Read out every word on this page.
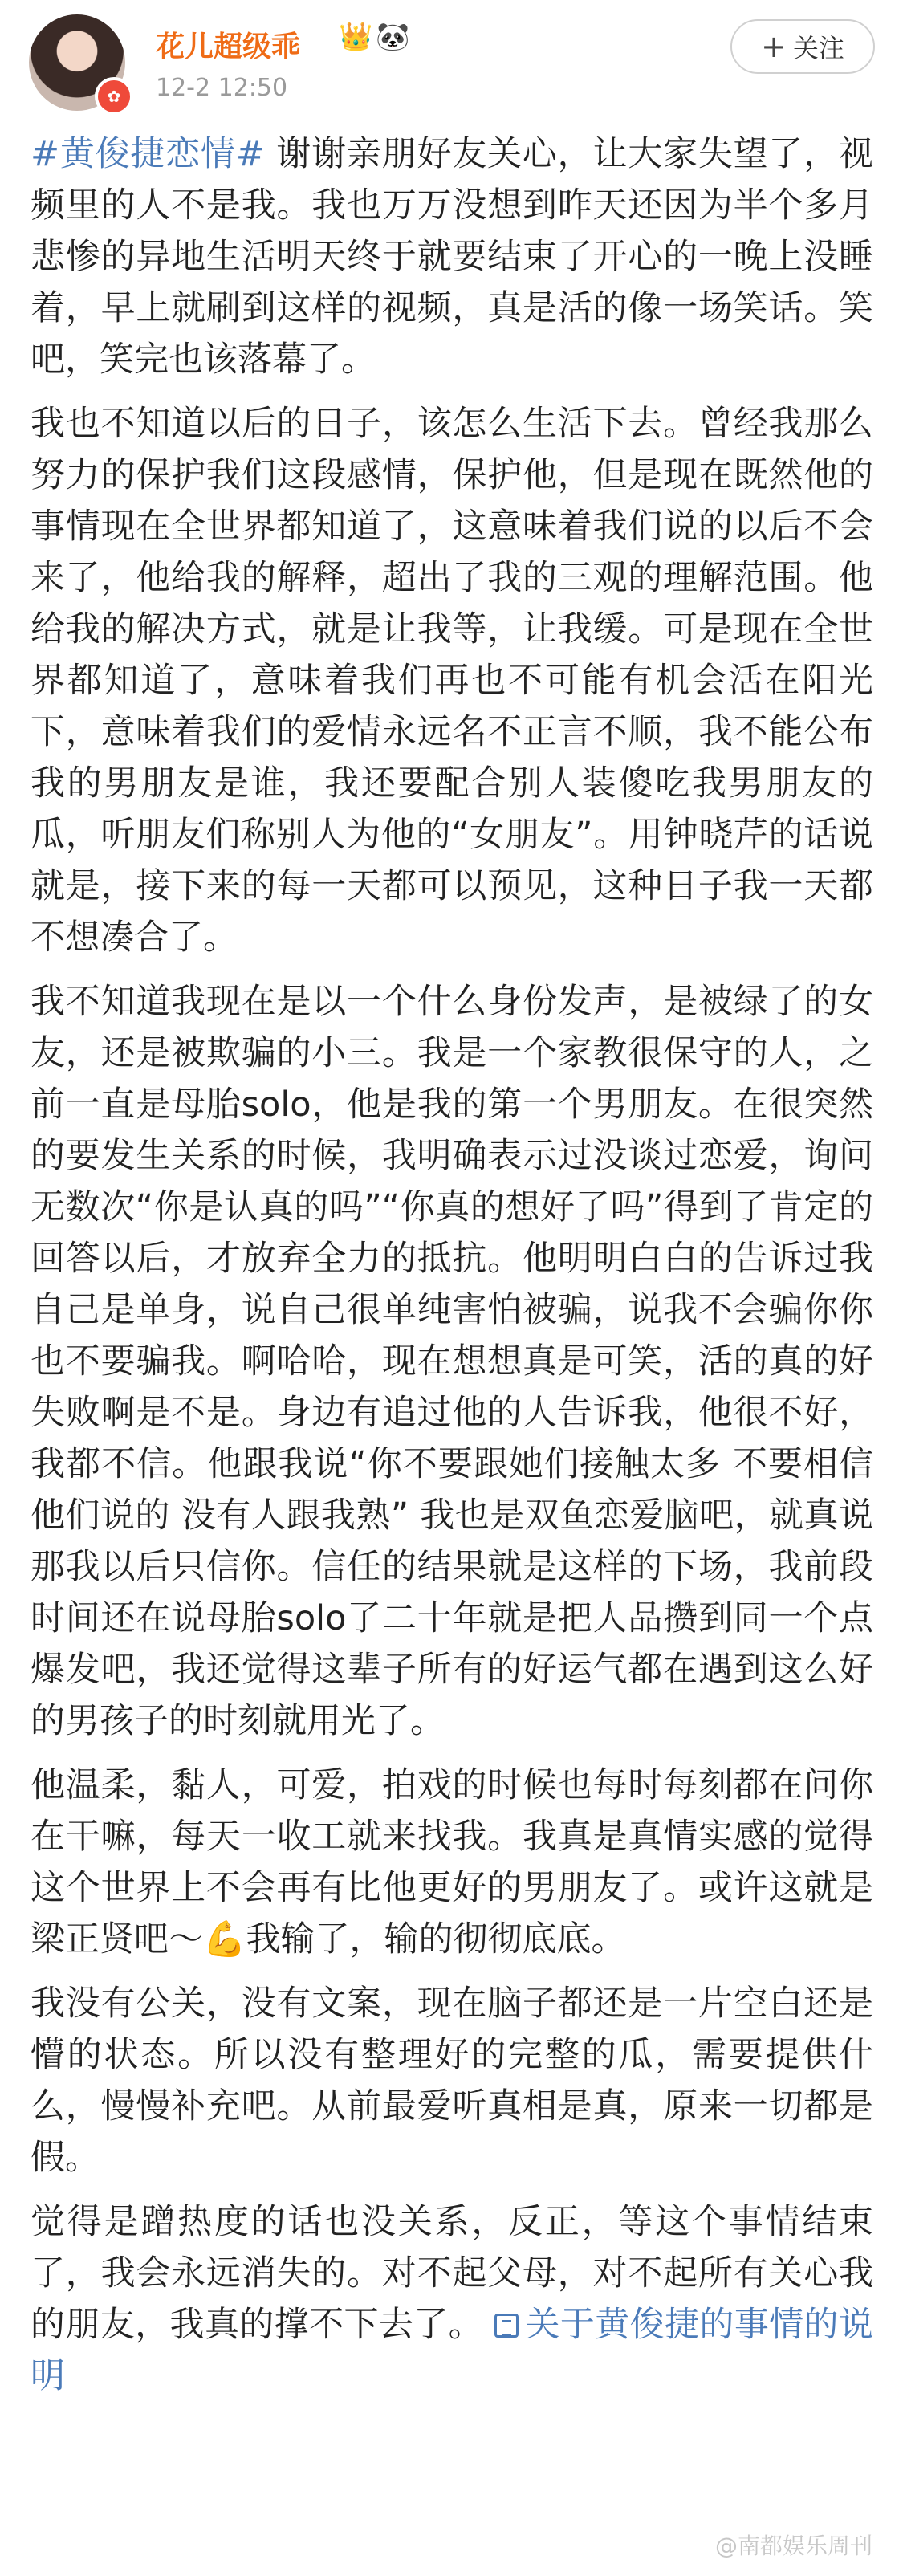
✿
花儿超级乖 👑 🐼
12-2 12:50
+ 关注

#黄俊捷恋情# 谢谢亲朋好友关心，让大家失望了，视频里的人不是我。我也万万没想到昨天还因为半个多月悲惨的异地生活明天终于就要结束了开心的一晚上没睡着，早上就刷到这样的视频，真是活的像一场笑话。笑吧，笑完也该落幕了。

我也不知道以后的日子，该怎么生活下去。曾经我那么努力的保护我们这段感情，保护他，但是现在既然他的事情现在全世界都知道了，这意味着我们说的以后不会来了，他给我的解释，超出了我的三观的理解范围。他给我的解决方式，就是让我等，让我缓。可是现在全世界都知道了，意味着我们再也不可能有机会活在阳光下，意味着我们的爱情永远名不正言不顺，我不能公布我的男朋友是谁，我还要配合别人装傻吃我男朋友的瓜，听朋友们称别人为他的“女朋友”。用钟晓芹的话说就是，接下来的每一天都可以预见，这种日子我一天都不想凑合了。

我不知道我现在是以一个什么身份发声，是被绿了的女友，还是被欺骗的小三。我是一个家教很保守的人，之前一直是母胎solo，他是我的第一个男朋友。在很突然的要发生关系的时候，我明确表示过没谈过恋爱，询问无数次“你是认真的吗”“你真的想好了吗”得到了肯定的回答以后，才放弃全力的抵抗。他明明白白的告诉过我自己是单身，说自己很单纯害怕被骗，说我不会骗你你也不要骗我。啊哈哈，现在想想真是可笑，活的真的好失败啊是不是。身边有追过他的人告诉我，他很不好，我都不信。他跟我说“你不要跟她们接触太多 不要相信他们说的 没有人跟我熟” 我也是双鱼恋爱脑吧，就真说那我以后只信你。信任的结果就是这样的下场，我前段时间还在说母胎solo了二十年就是把人品攒到同一个点爆发吧，我还觉得这辈子所有的好运气都在遇到这么好的男孩子的时刻就用光了。

他温柔，黏人，可爱，拍戏的时候也每时每刻都在问你在干嘛，每天一收工就来找我。我真是真情实感的觉得这个世界上不会再有比他更好的男朋友了。或许这就是梁正贤吧～💪我输了，输的彻彻底底。

我没有公关，没有文案，现在脑子都还是一片空白还是懵的状态。所以没有整理好的完整的瓜，需要提供什么，慢慢补充吧。从前最爱听真相是真，原来一切都是假。

觉得是蹭热度的话也没关系，反正，等这个事情结束了，我会永远消失的。对不起父母，对不起所有关心我的朋友，我真的撑不下去了。 关于黄俊捷的事情的说明

@南都娱乐周刊
